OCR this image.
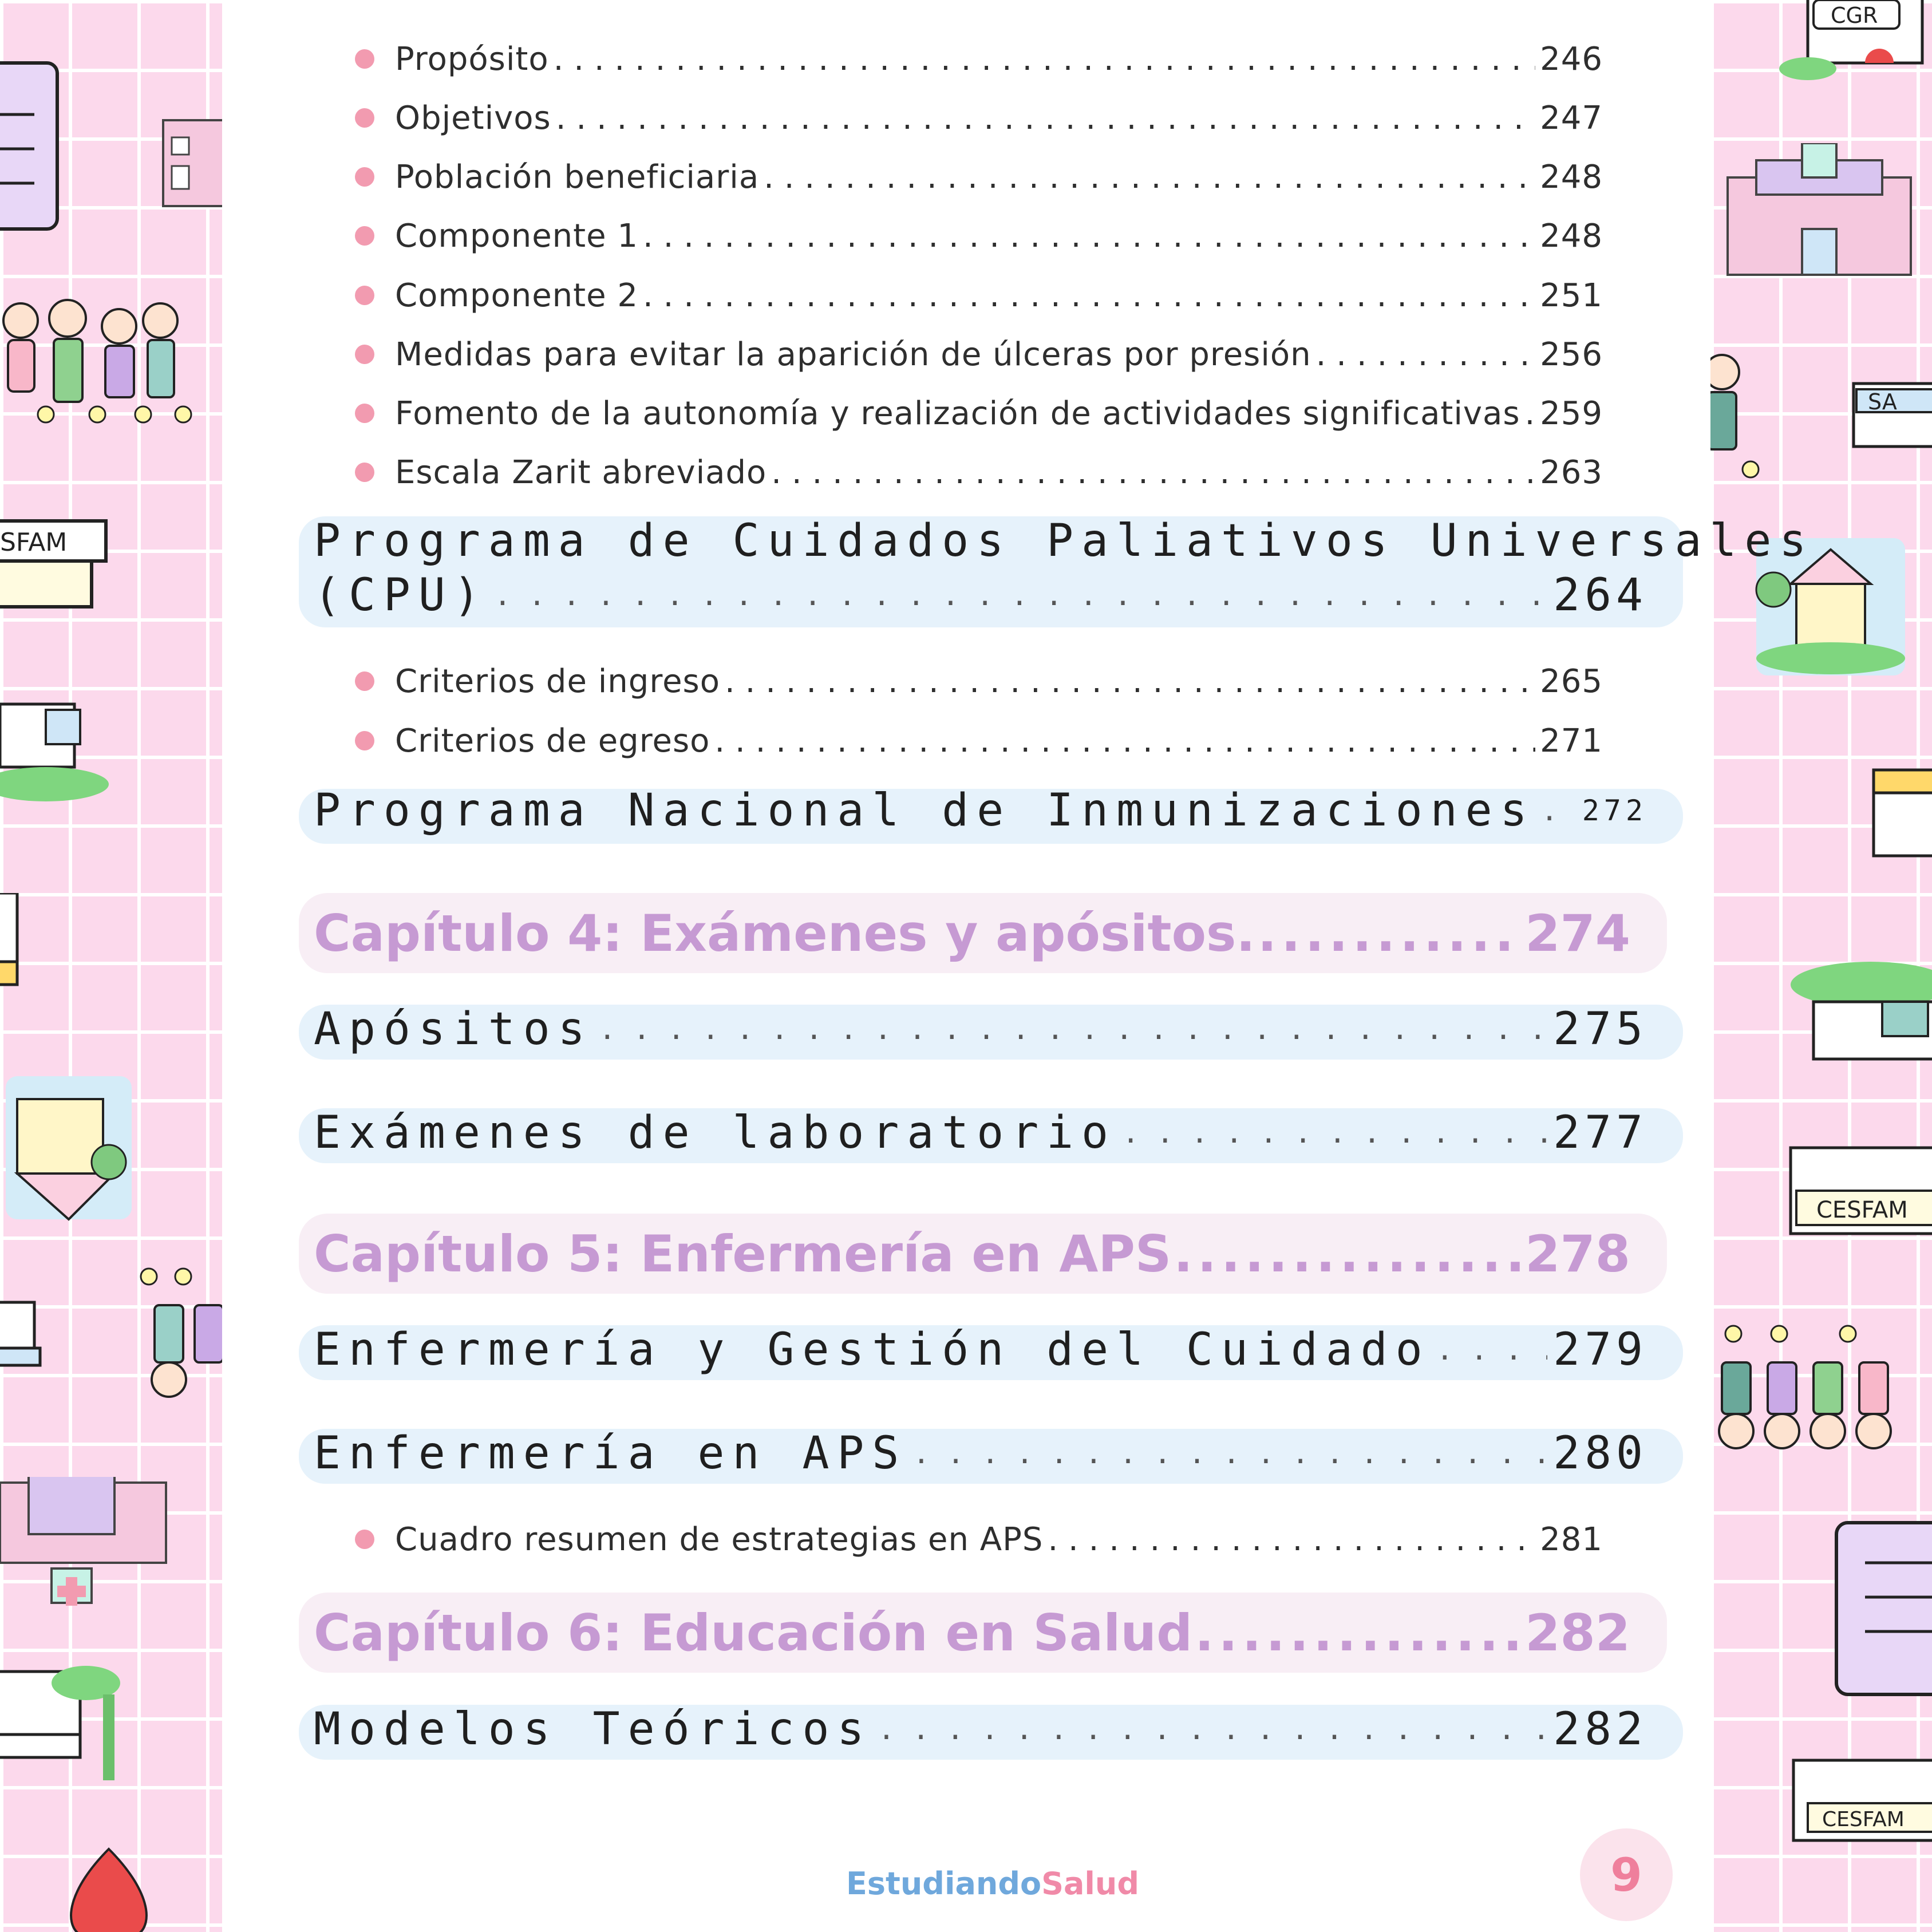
SFAM
CGR
SA
CESFAM
CESFAM
Propósito . . .	246
Objetivos . . .	247
Población beneficiaria . . .	248
Componente 1 . . .	248
Componente 2 . . .	251
Medidas para evitar la aparición de úlceras por presión . . .	256
Fomento de la autonomía y realización de actividades significativas . . . 259
Escala Zarit abreviado . . .	263
Programa de Cuidados Paliativos Universales
(CPU) . .	264
Criterios de ingreso . . .	265
Criterios de egreso . . .	271
Programa Nacional de Inmunizaciones . . 272
Capítulo 4: Exámenes y apósitos. .....	274
Apósitos . .	275
Exámenes de laboratorio . .	277
Capítulo 5: Enfermería en APS .....	278
Enfermería y Gestión del Cuidado . .	279
Enfermería en APS . .	280
Cuadro resumen de estrategias en APS . . .	281
Capítulo 6: Educación en Salud .....	282
Modelos Teóricos . .	282
Estudiando Salud	9
